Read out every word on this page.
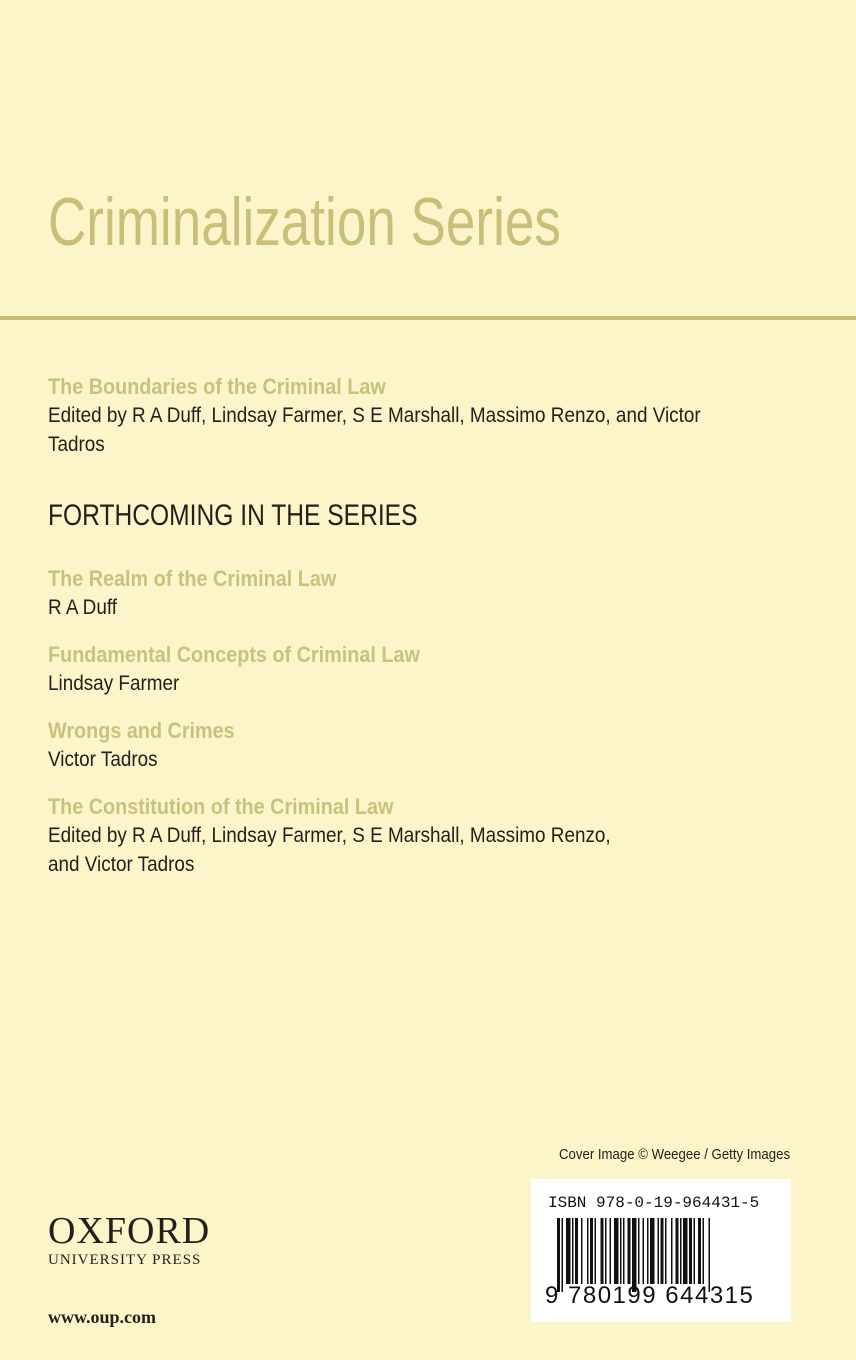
Criminalization Series
The Boundaries of the Criminal Law
Edited by R A Duff, Lindsay Farmer, S E Marshall, Massimo Renzo, and Victor Tadros
FORTHCOMING IN THE SERIES
The Realm of the Criminal Law
R A Duff
Fundamental Concepts of Criminal Law
Lindsay Farmer
Wrongs and Crimes
Victor Tadros
The Constitution of the Criminal Law
Edited by R A Duff, Lindsay Farmer, S E Marshall, Massimo Renzo,
and Victor Tadros
Cover Image © Weegee / Getty Images
OXFORD
UNIVERSITY PRESS
www.oup.com
ISBN 978-0-19-964431-5
9 780199 644315
